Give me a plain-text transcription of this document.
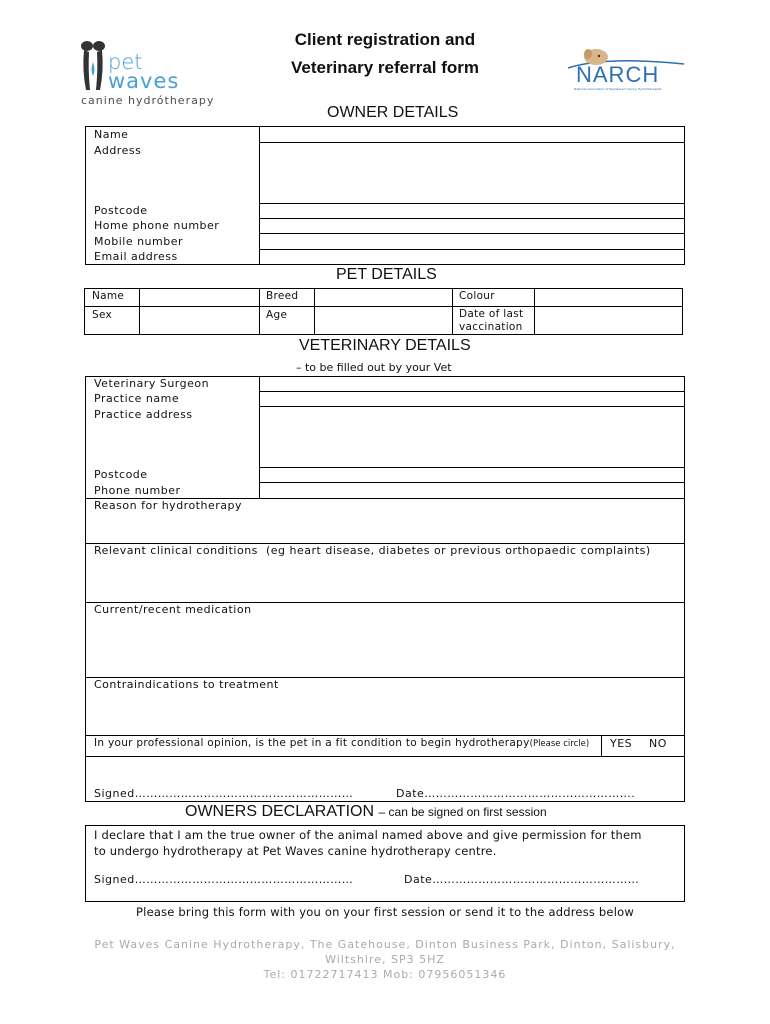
pet
waves
canine hydrótherapy
Client registration and
Veterinary referral form	NARCH
National Association of Registered Canine Hydrotherapists
OWNER DETAILS
Name
Address
Postcode
Home phone number
Mobile number
Email address
PET DETAILS
Name	Breed	Colour
Sex	Age	Date of last
vaccination
VETERINARY DETAILS
– to be filled out by your Vet
Veterinary Surgeon
Practice name
Practice address
Postcode
Phone number
Reason for hydrotherapy
Relevant clinical conditions (eg heart disease, diabetes or previous orthopaedic complaints)
Current/recent medication
Contraindications to treatment
In your professional opinion, is the pet in a fit condition to begin hydrotherapy(Please circle) YES NO
Signed…………………………………………………	Date……………………………………………….
OWNERS DECLARATION – can be signed on first session
I declare that I am the true owner of the animal named above and give permission for them
to undergo hydrotherapy at Pet Waves canine hydrotherapy centre.
Signed…………………………………………………	Date………………………………………………
Please bring this form with you on your first session or send it to the address below
Pet Waves Canine Hydrotherapy, The Gatehouse, Dinton Business Park, Dinton, Salisbury,
Wiltshire, SP3 5HZ
Tel: 01722717413 Mob: 07956051346
